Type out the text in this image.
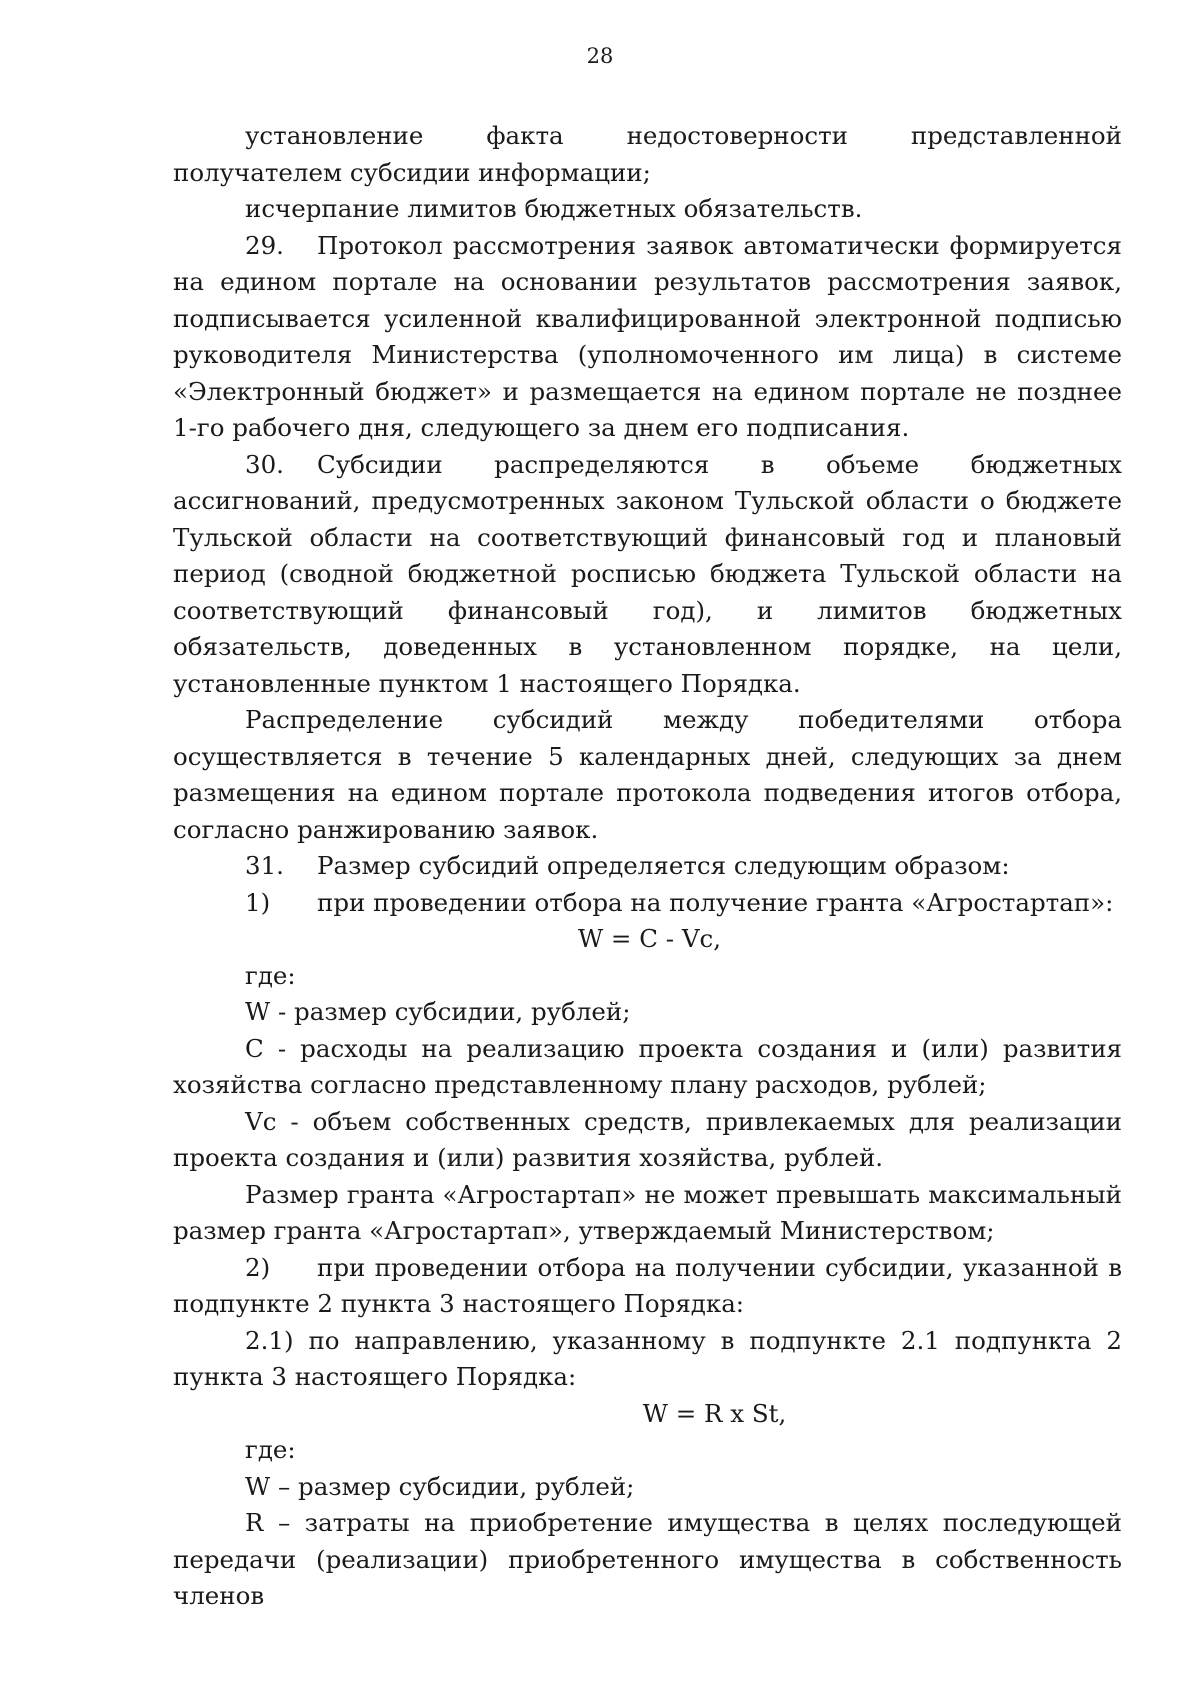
28

установление факта недостоверности представленной получателем субсидии информации;

исчерпание лимитов бюджетных обязательств.

29. Протокол рассмотрения заявок автоматически формируется на едином портале на основании результатов рассмотрения заявок, подписывается усиленной квалифицированной электронной подписью руководителя Министерства (уполномоченного им лица) в системе «Электронный бюджет» и размещается на едином портале не позднее 1-го рабочего дня, следующего за днем его подписания.

30. Субсидии распределяются в объеме бюджетных ассигнований, предусмотренных законом Тульской области о бюджете Тульской области на соответствующий финансовый год и плановый период (сводной бюджетной росписью бюджета Тульской области на соответствующий финансовый год), и лимитов бюджетных обязательств, доведенных в установленном порядке, на цели, установленные пунктом 1 настоящего Порядка.

Распределение субсидий между победителями отбора осуществляется в течение 5 календарных дней, следующих за днем размещения на едином портале протокола подведения итогов отбора, согласно ранжированию заявок.

31. Размер субсидий определяется следующим образом:

1) при проведении отбора на получение гранта «Агростартап»:

W = C - Vc,

где:

W - размер субсидии, рублей;

C - расходы на реализацию проекта создания и (или) развития хозяйства согласно представленному плану расходов, рублей;

Vc - объем собственных средств, привлекаемых для реализации проекта создания и (или) развития хозяйства, рублей.

Размер гранта «Агростартап» не может превышать максимальный размер гранта «Агростартап», утверждаемый Министерством;

2) при проведении отбора на получении субсидии, указанной в подпункте 2 пункта 3 настоящего Порядка:

2.1) по направлению, указанному в подпункте 2.1 подпункта 2 пункта 3 настоящего Порядка:

W = R x St,

где:

W – размер субсидии, рублей;

R – затраты на приобретение имущества в целях последующей передачи (реализации) приобретенного имущества в собственность членов
